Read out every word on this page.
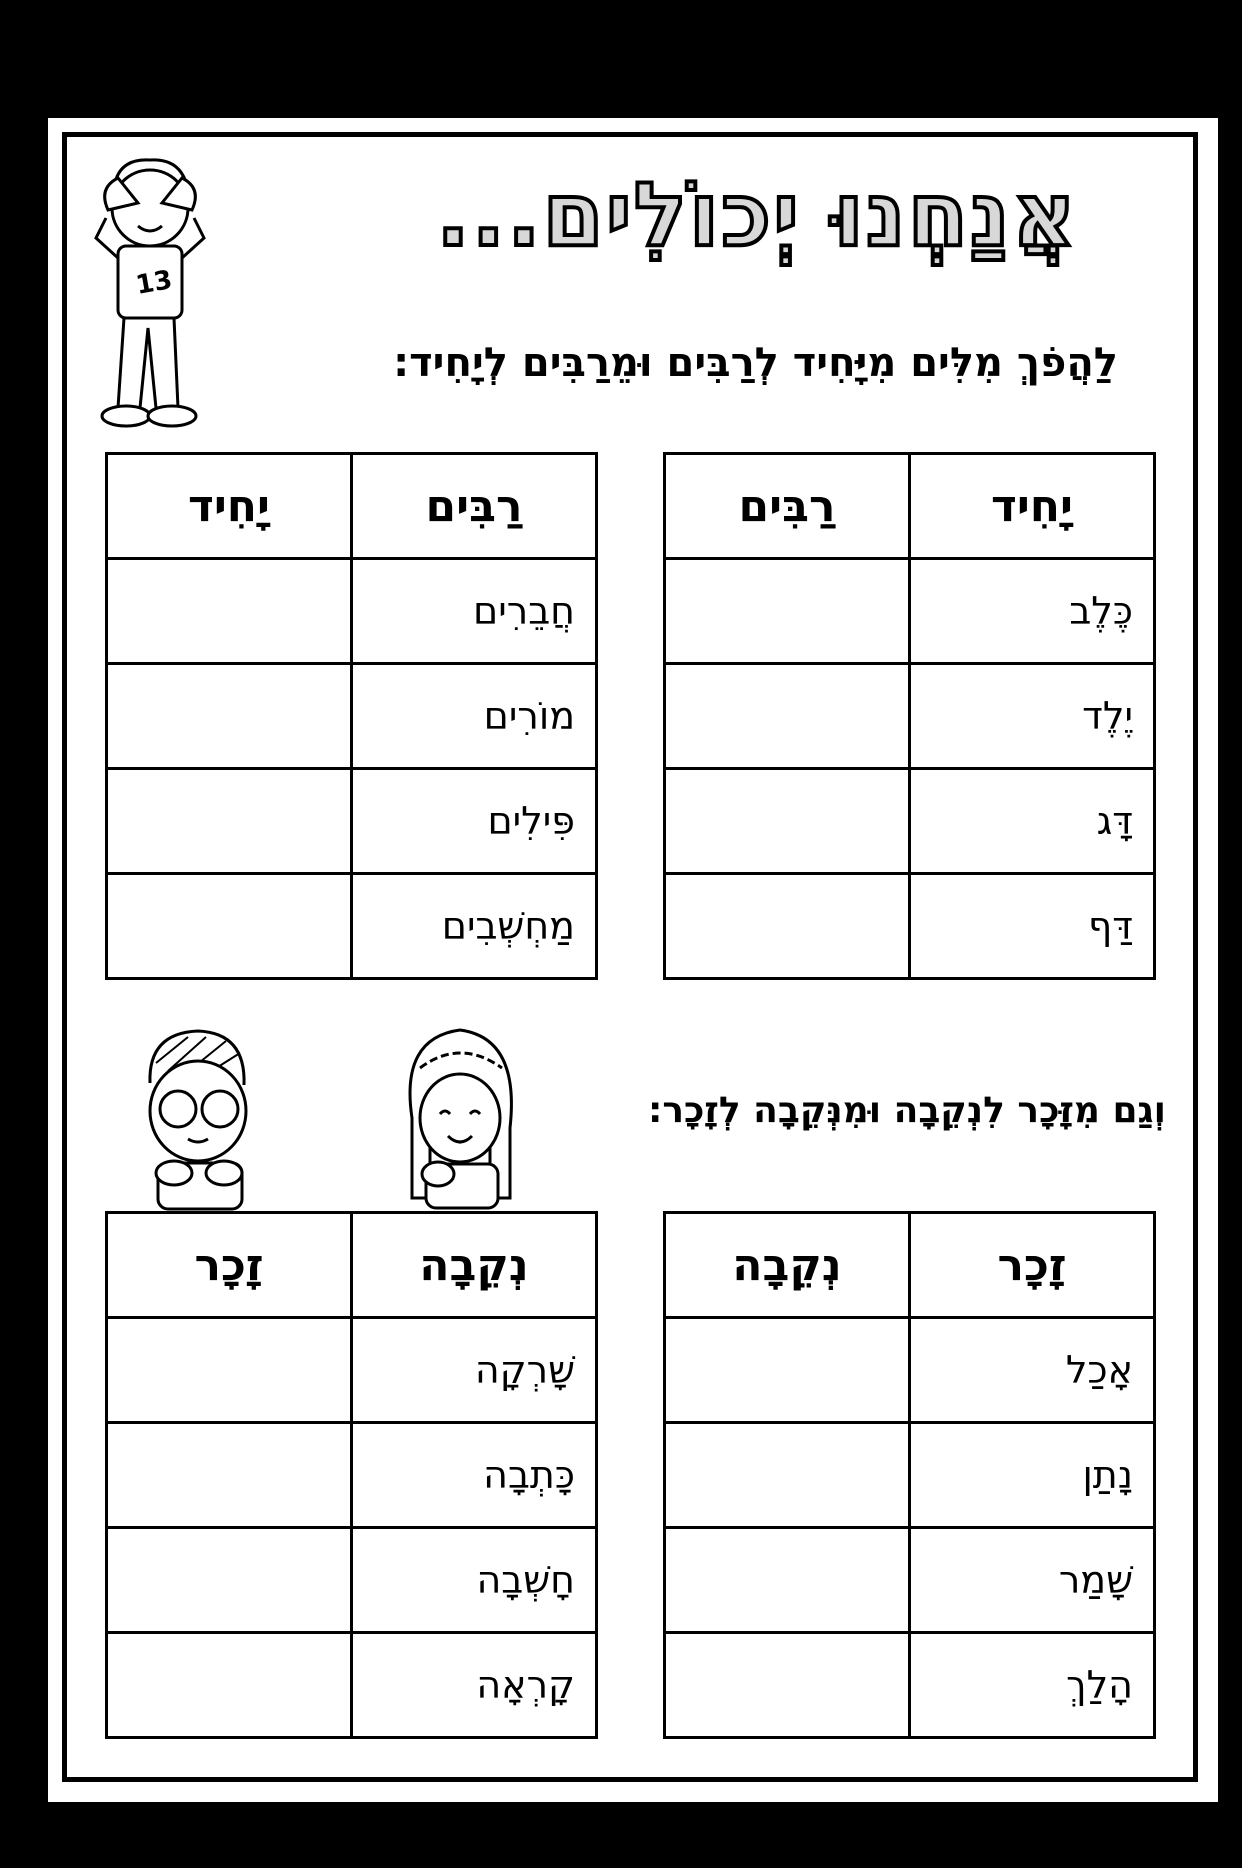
אֲנַחְנוּ יְכוֹלִים...
13
לַהֲפֹךְ מִלִּים מִיָּחִיד לְרַבִּים וּמֵרַבִּים לְיָחִיד:
יָחִיד	רַבִּים
כֶּלֶב	
יֶלֶד	
דָּג	
דַּף	
רַבִּים	יָחִיד
חֲבֵרִים	
מוֹרִים	
פִּילִים	
מַחְשְׁבִים	
וְגַם מִזָּכָר לִנְקֵבָה וּמִנְּקֵבָה לְזָכָר:
זָכָר	נְקֵבָה
אָכַל	
נָתַן	
שָׁמַר	
הָלַךְ	
נְקֵבָה	זָכָר
שָׁרְקָה	
כָּתְבָה	
חָשְׁבָה	
קָרְאָה	
